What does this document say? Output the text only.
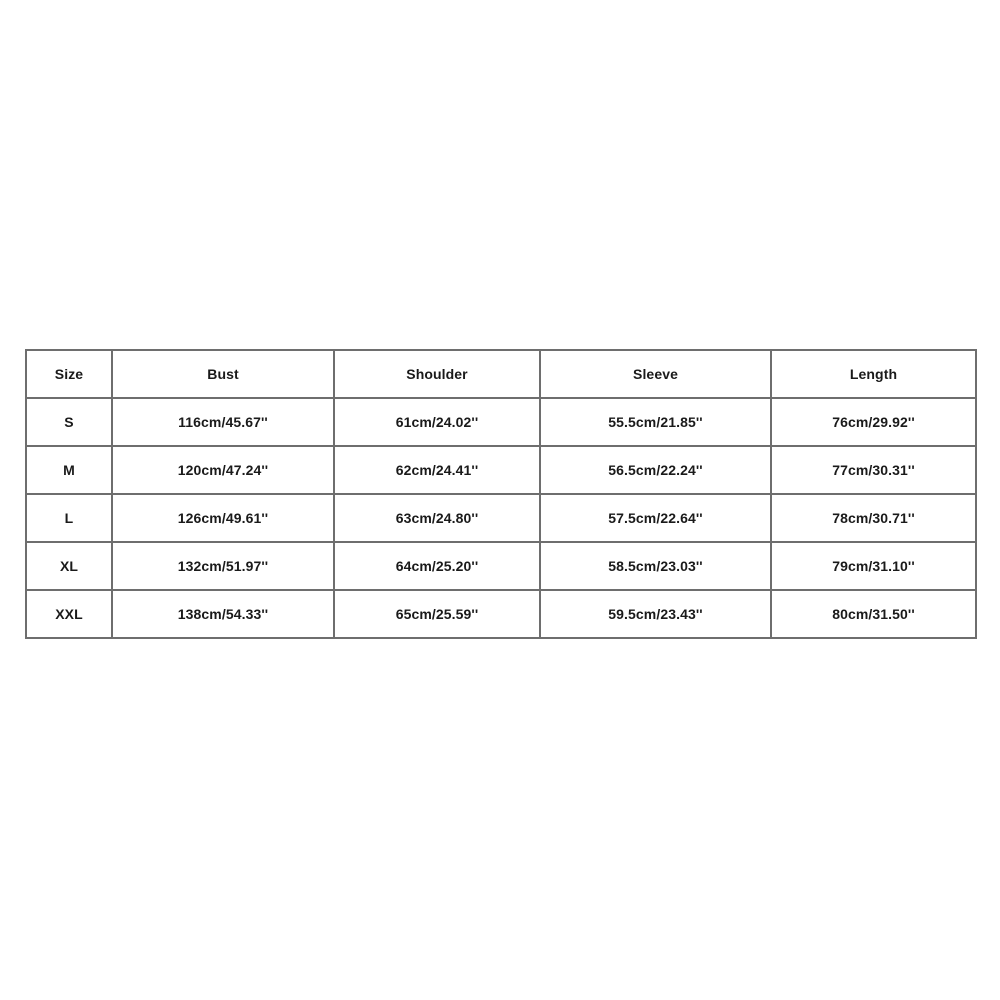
Size	Bust	Shoulder	Sleeve	Length
S	116cm/45.67''	61cm/24.02''	55.5cm/21.85''	76cm/29.92''
M	120cm/47.24''	62cm/24.41''	56.5cm/22.24''	77cm/30.31''
L	126cm/49.61''	63cm/24.80''	57.5cm/22.64''	78cm/30.71''
XL	132cm/51.97''	64cm/25.20''	58.5cm/23.03''	79cm/31.10''
XXL	138cm/54.33''	65cm/25.59''	59.5cm/23.43''	80cm/31.50''
